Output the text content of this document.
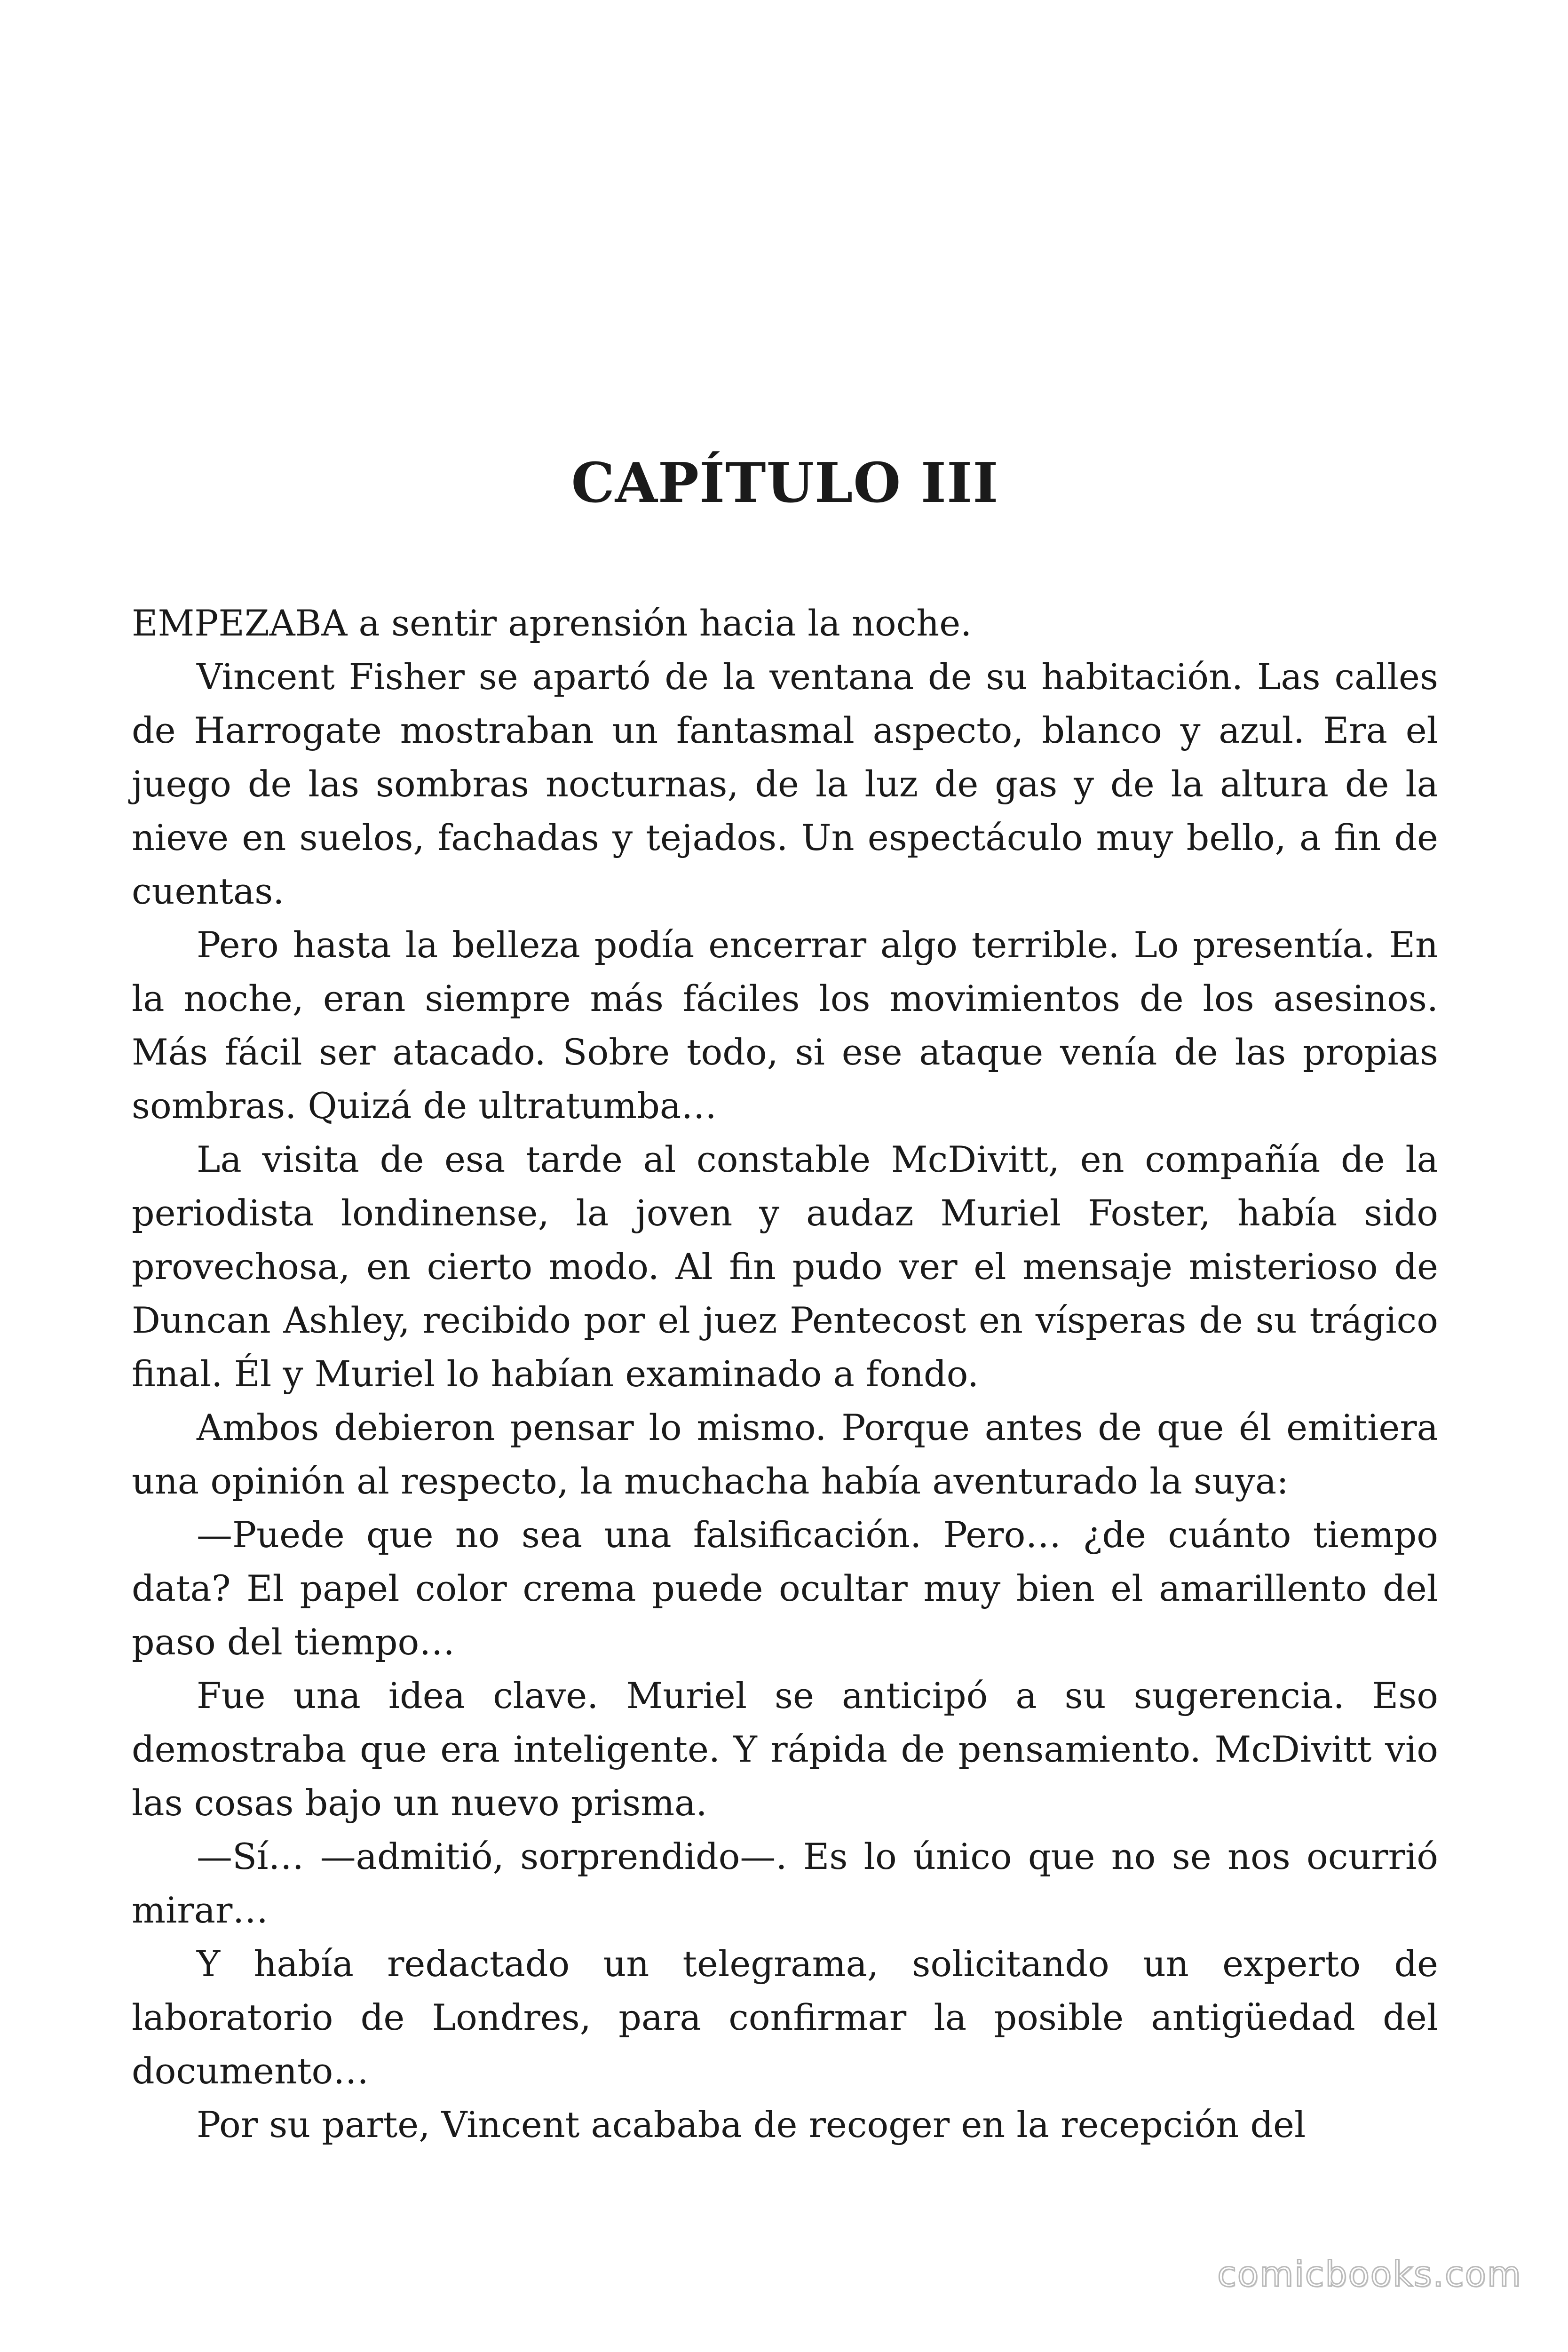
CAPÍTULO III

EMPEZABA a sentir aprensión hacia la noche.

Vincent Fisher se apartó de la ventana de su habitación. Las calles de Harrogate mostraban un fantasmal aspecto, blanco y azul. Era el juego de las sombras nocturnas, de la luz de gas y de la altura de la nieve en suelos, fachadas y tejados. Un espectáculo muy bello, a fin de cuentas.

Pero hasta la belleza podía encerrar algo terrible. Lo presentía. En la noche, eran siempre más fáciles los movimientos de los asesinos. Más fácil ser atacado. Sobre todo, si ese ataque venía de las propias sombras. Quizá de ultratumba…

La visita de esa tarde al constable McDivitt, en compañía de la periodista londinense, la joven y audaz Muriel Foster, había sido provechosa, en cierto modo. Al fin pudo ver el mensaje misterioso de Duncan Ashley, recibido por el juez Pentecost en vísperas de su trágico final. Él y Muriel lo habían examinado a fondo.

Ambos debieron pensar lo mismo. Porque antes de que él emitiera una opinión al respecto, la muchacha había aventurado la suya:

—Puede que no sea una falsificación. Pero… ¿de cuánto tiempo data? El papel color crema puede ocultar muy bien el amarillento del paso del tiempo…

Fue una idea clave. Muriel se anticipó a su sugerencia. Eso demostraba que era inteligente. Y rápida de pensamiento. McDivitt vio las cosas bajo un nuevo prisma.

—Sí… —admitió, sorprendido—. Es lo único que no se nos ocurrió mirar…

Y había redactado un telegrama, solicitando un experto de laboratorio de Londres, para confirmar la posible antigüedad del documento…

Por su parte, Vincent acababa de recoger en la recepción del

comicbooks.com
